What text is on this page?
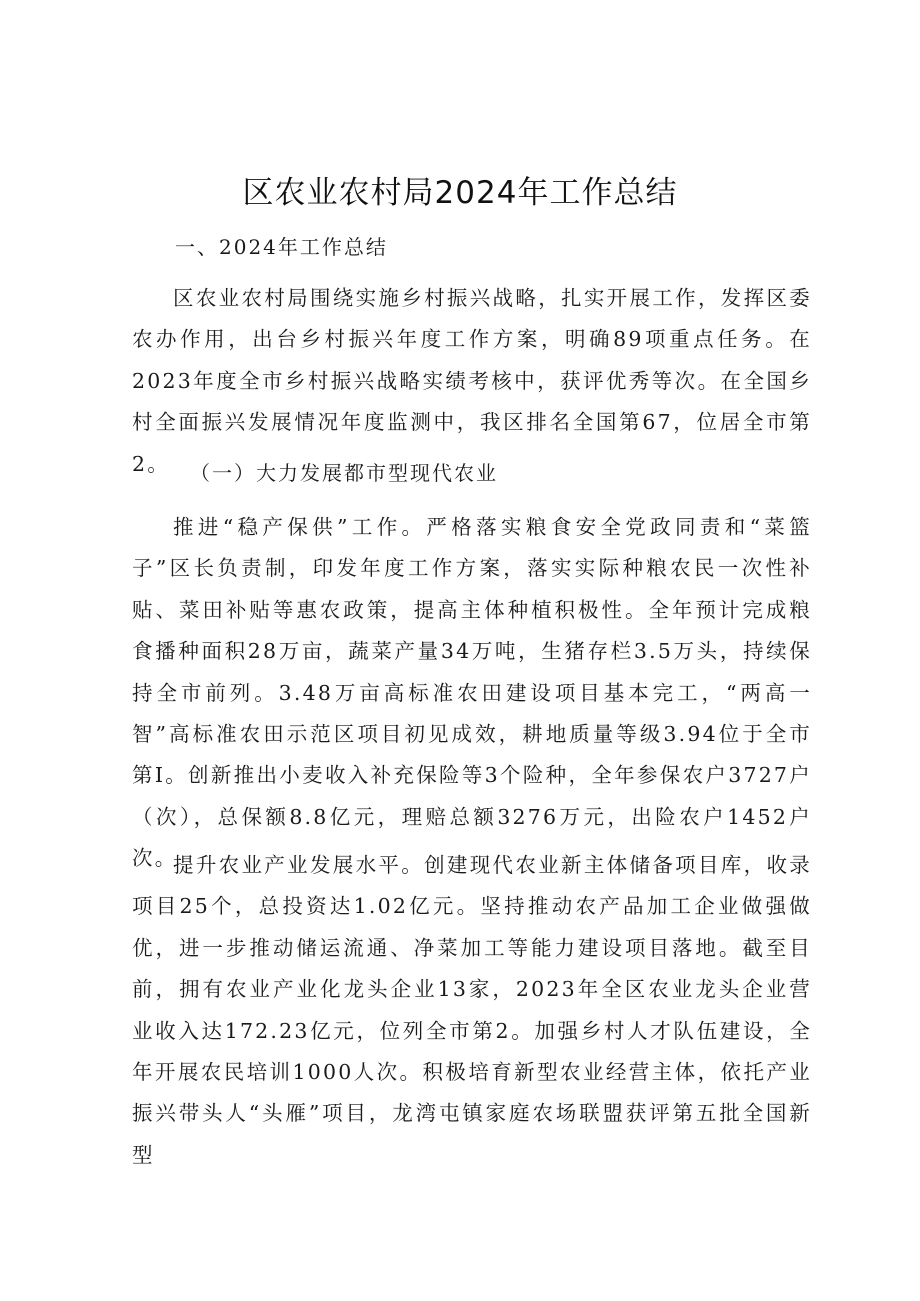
区农业农村局2024年工作总结
一、2024年工作总结

区农业农村局围绕实施乡村振兴战略，扎实开展工作，发挥区委农办作用，出台乡村振兴年度工作方案，明确89项重点任务。在2023年度全市乡村振兴战略实绩考核中，获评优秀等次。在全国乡村全面振兴发展情况年度监测中，我区排名全国第67，位居全市第2。	（一）大力发展都市型现代农业

推进“稳产保供”工作。严格落实粮食安全党政同责和“菜篮子”区长负责制，印发年度工作方案，落实实际种粮农民一次性补贴、菜田补贴等惠农政策，提高主体种植积极性。全年预计完成粮食播种面积28万亩，蔬菜产量34万吨，生猪存栏3.5万头，持续保持全市前列。3.48万亩高标准农田建设项目基本完工，“两高一智”高标准农田示范区项目初见成效，耕地质量等级3.94位于全市第I。创新推出小麦收入补充保险等3个险种，全年参保农户3727户（次），总保额8.8亿元，理赔总额3276万元，出险农户1452户次。

提升农业产业发展水平。创建现代农业新主体储备项目库，收录项目25个，总投资达1.02亿元。坚持推动农产品加工企业做强做优，进一步推动储运流通、净菜加工等能力建设项目落地。截至目前，拥有农业产业化龙头企业13家，2023年全区农业龙头企业营业收入达172.23亿元，位列全市第2。加强乡村人才队伍建设，全年开展农民培训1000人次。积极培育新型农业经营主体，依托产业振兴带头人“头雁”项目，龙湾屯镇家庭农场联盟获评第五批全国新型
